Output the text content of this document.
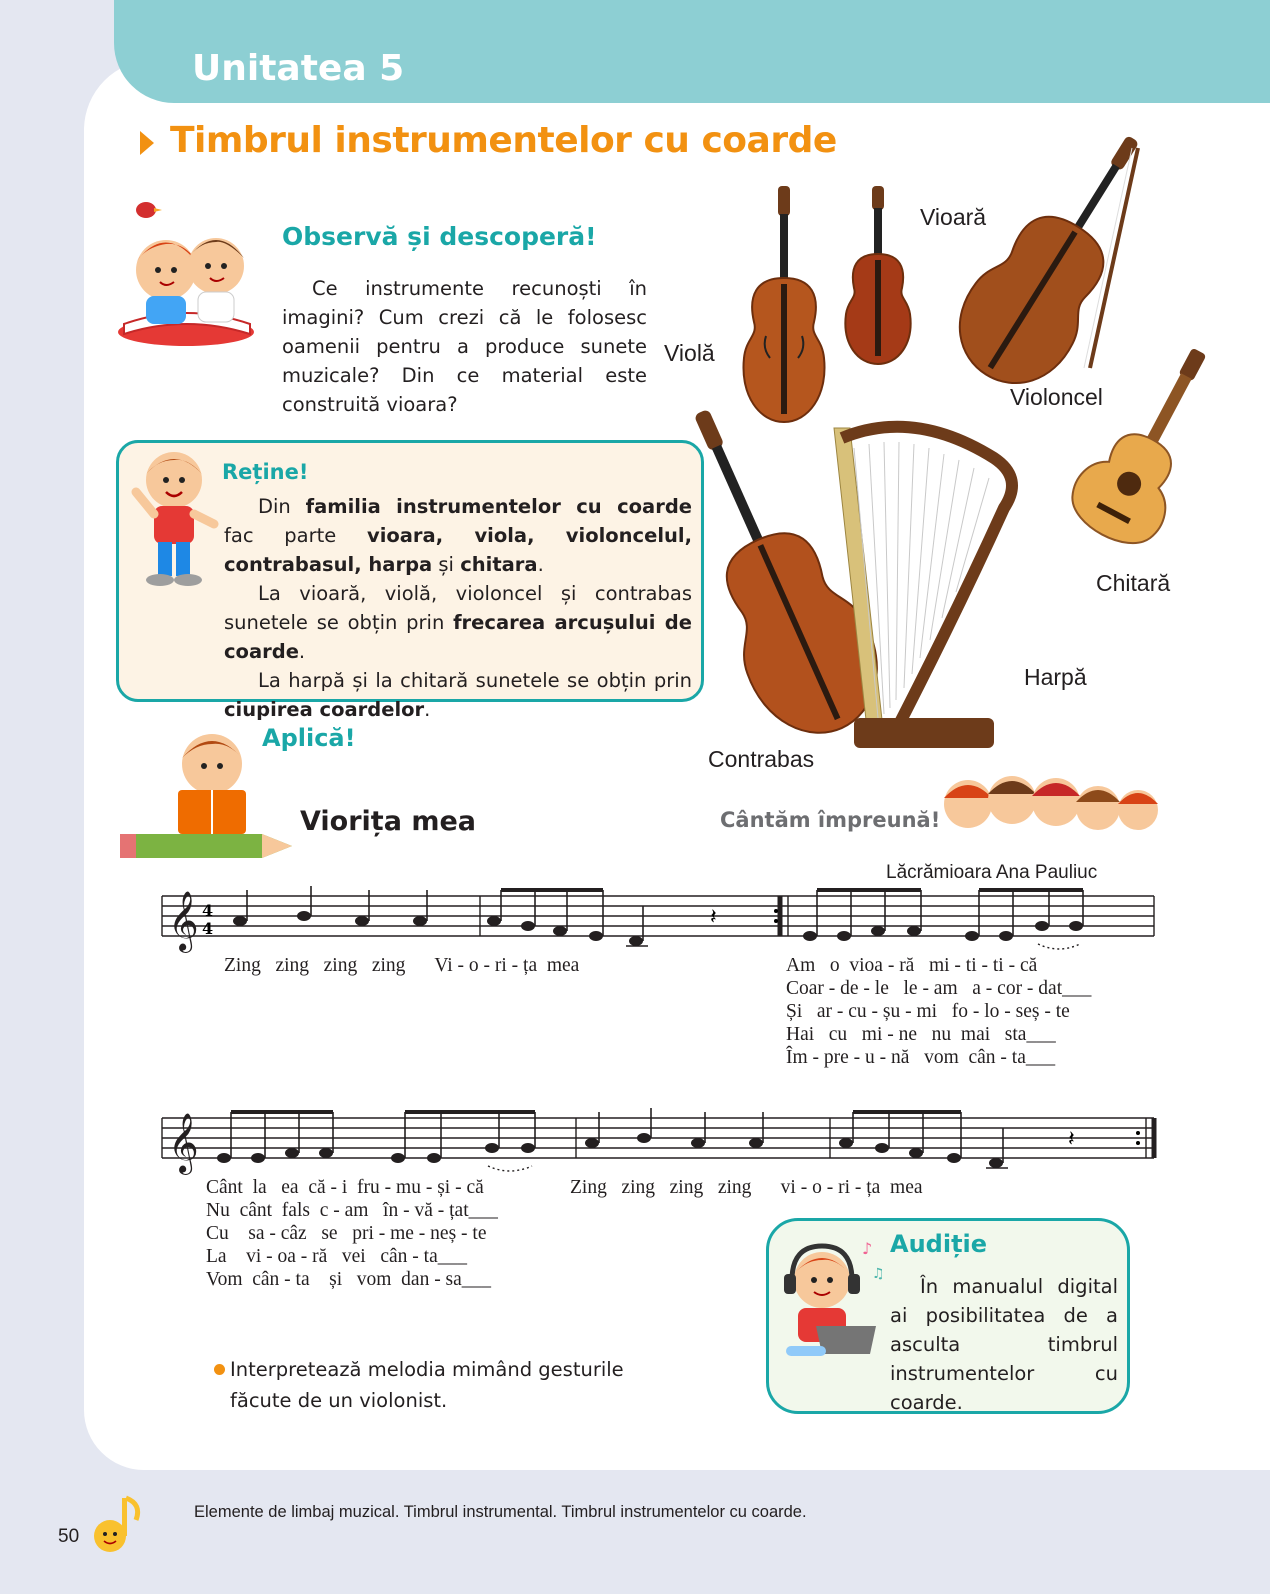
Unitatea 5
Timbrul instrumentelor cu coarde
Observă și descoperă!

Ce instrumente recunoști în imagini? Cum crezi că le folosesc oamenii pentru a produce sunete muzicale? Din ce material este construită vioara?

Reține!

Din familia instrumentelor cu coarde fac parte vioara, viola, violoncelul, contrabasul, harpa și chitara.

La vioară, violă, violoncel și contrabas sunetele se obțin prin frecarea arcușului de coarde.

La harpă și la chitară sunetele se obțin prin ciupirea coardelor.

Violă
Vioară
Violoncel
Chitară
Harpă
Contrabas
Aplică!
Viorița mea	Cântăm împreună!
Lăcrămioara Ana Pauliuc
𝄞 4
4	𝄽
Zing   zing   zing   zing      Vi - o - ri - ța  mea	Am   o  vioa - ră   mi - ti - ti - că
Coar - de - le   le - am   a - cor - dat___
Și   ar - cu - șu - mi   fo - lo - seș - te
Hai   cu   mi - ne   nu  mai   sta___
Îm - pre - u - nă   vom  cân - ta___
𝄞	𝄽
Cânt  la   ea  că - i  fru - mu - și - că
Nu  cânt  fals  c - am   în - vă - țat___
Cu    sa - câz   se   pri - me - neș - te
La    vi - oa - ră   vei   cân - ta___
Vom  cân - ta    și   vom  dan - sa___
Zing   zing   zing   zing      vi - o - ri - ța  mea
Interpretează melodia mimând gesturile făcute de un violonist.
♪
♫
Audiție

În manualul digital ai posibilitatea de a asculta timbrul instrumentelor cu coarde.

50
Elemente de limbaj muzical. Timbrul instrumental. Timbrul instrumentelor cu coarde.
